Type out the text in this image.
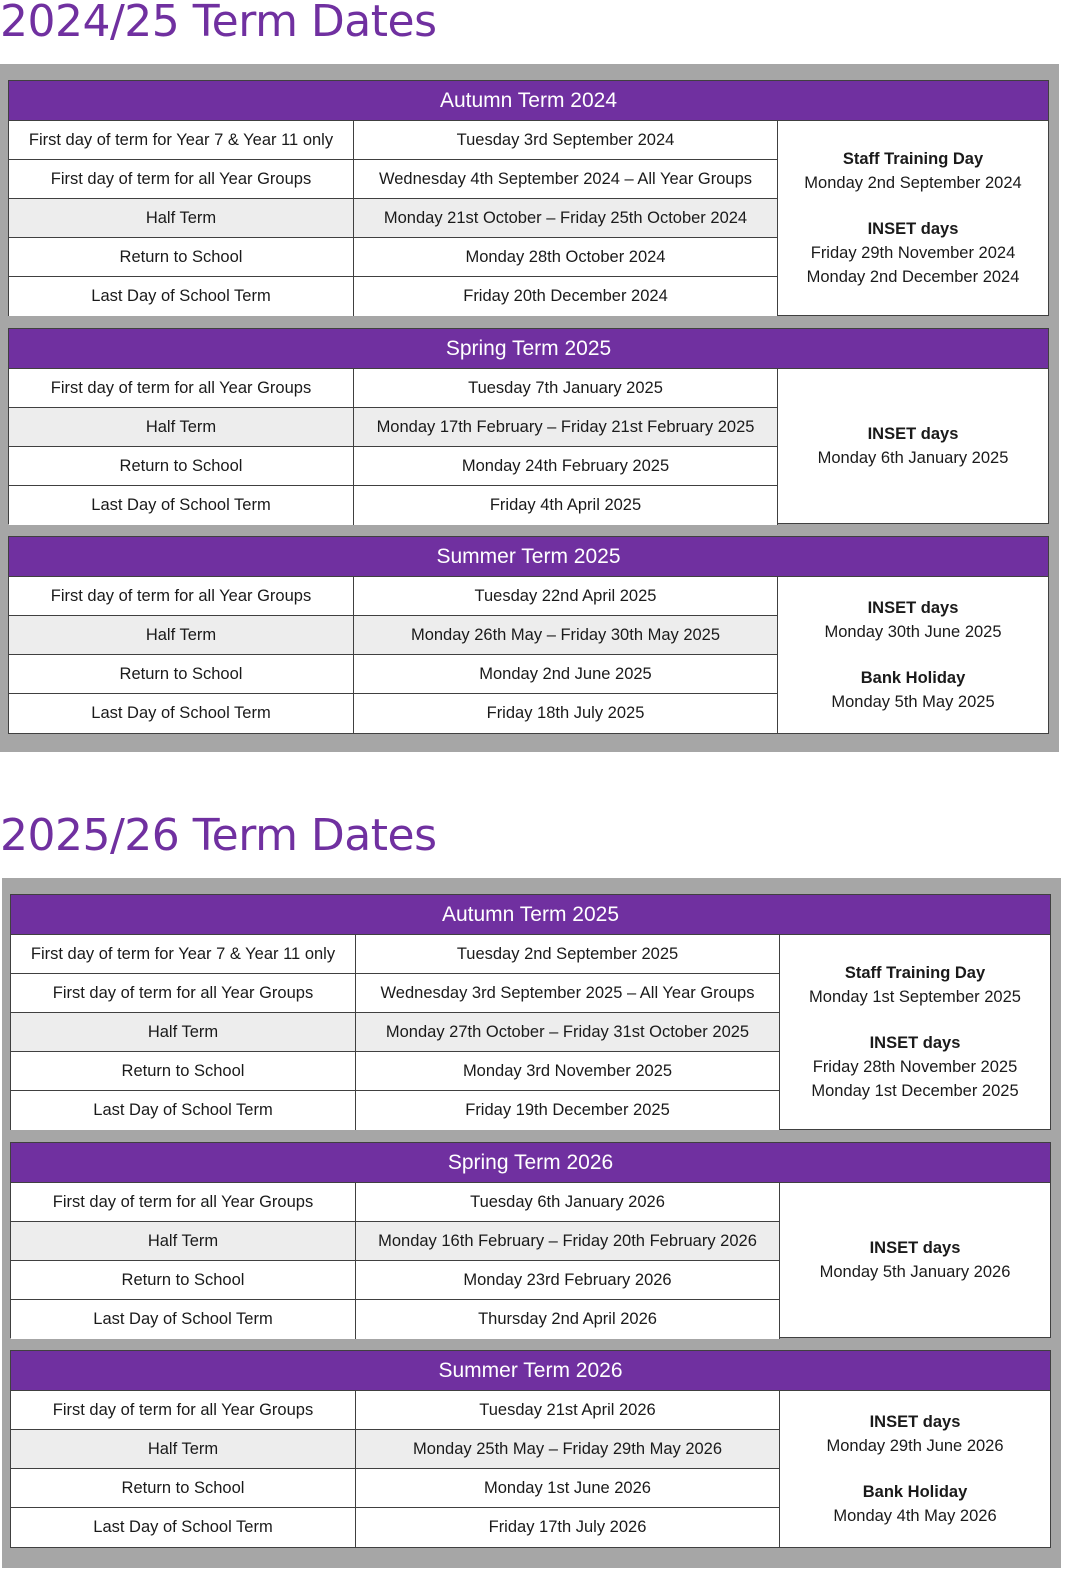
2024/25 Term Dates
Autumn Term 2024
First day of term for Year 7 & Year 11 only	Tuesday 3rd September 2024
First day of term for all Year Groups	Wednesday 4th September 2024 – All Year Groups
Half Term	Monday 21st October – Friday 25th October 2024
Return to School	Monday 28th October 2024
Last Day of School Term	Friday 20th December 2024
Staff Training Day
Monday 2nd September 2024
INSET days
Friday 29th November 2024
Monday 2nd December 2024
Spring Term 2025
First day of term for all Year Groups	Tuesday 7th January 2025
Half Term	Monday 17th February – Friday 21st February 2025
Return to School	Monday 24th February 2025
Last Day of School Term	Friday 4th April 2025
INSET days
Monday 6th January 2025
Summer Term 2025
First day of term for all Year Groups	Tuesday 22nd April 2025
Half Term	Monday 26th May – Friday 30th May 2025
Return to School	Monday 2nd June 2025
Last Day of School Term	Friday 18th July 2025
INSET days
Monday 30th June 2025
Bank Holiday
Monday 5th May 2025
2025/26 Term Dates
Autumn Term 2025
First day of term for Year 7 & Year 11 only	Tuesday 2nd September 2025
First day of term for all Year Groups	Wednesday 3rd September 2025 – All Year Groups
Half Term	Monday 27th October – Friday 31st October 2025
Return to School	Monday 3rd November 2025
Last Day of School Term	Friday 19th December 2025
Staff Training Day
Monday 1st September 2025
INSET days
Friday 28th November 2025
Monday 1st December 2025
Spring Term 2026
First day of term for all Year Groups	Tuesday 6th January 2026
Half Term	Monday 16th February – Friday 20th February 2026
Return to School	Monday 23rd February 2026
Last Day of School Term	Thursday 2nd April 2026
INSET days
Monday 5th January 2026
Summer Term 2026
First day of term for all Year Groups	Tuesday 21st April 2026
Half Term	Monday 25th May – Friday 29th May 2026
Return to School	Monday 1st June 2026
Last Day of School Term	Friday 17th July 2026
INSET days
Monday 29th June 2026
Bank Holiday
Monday 4th May 2026
